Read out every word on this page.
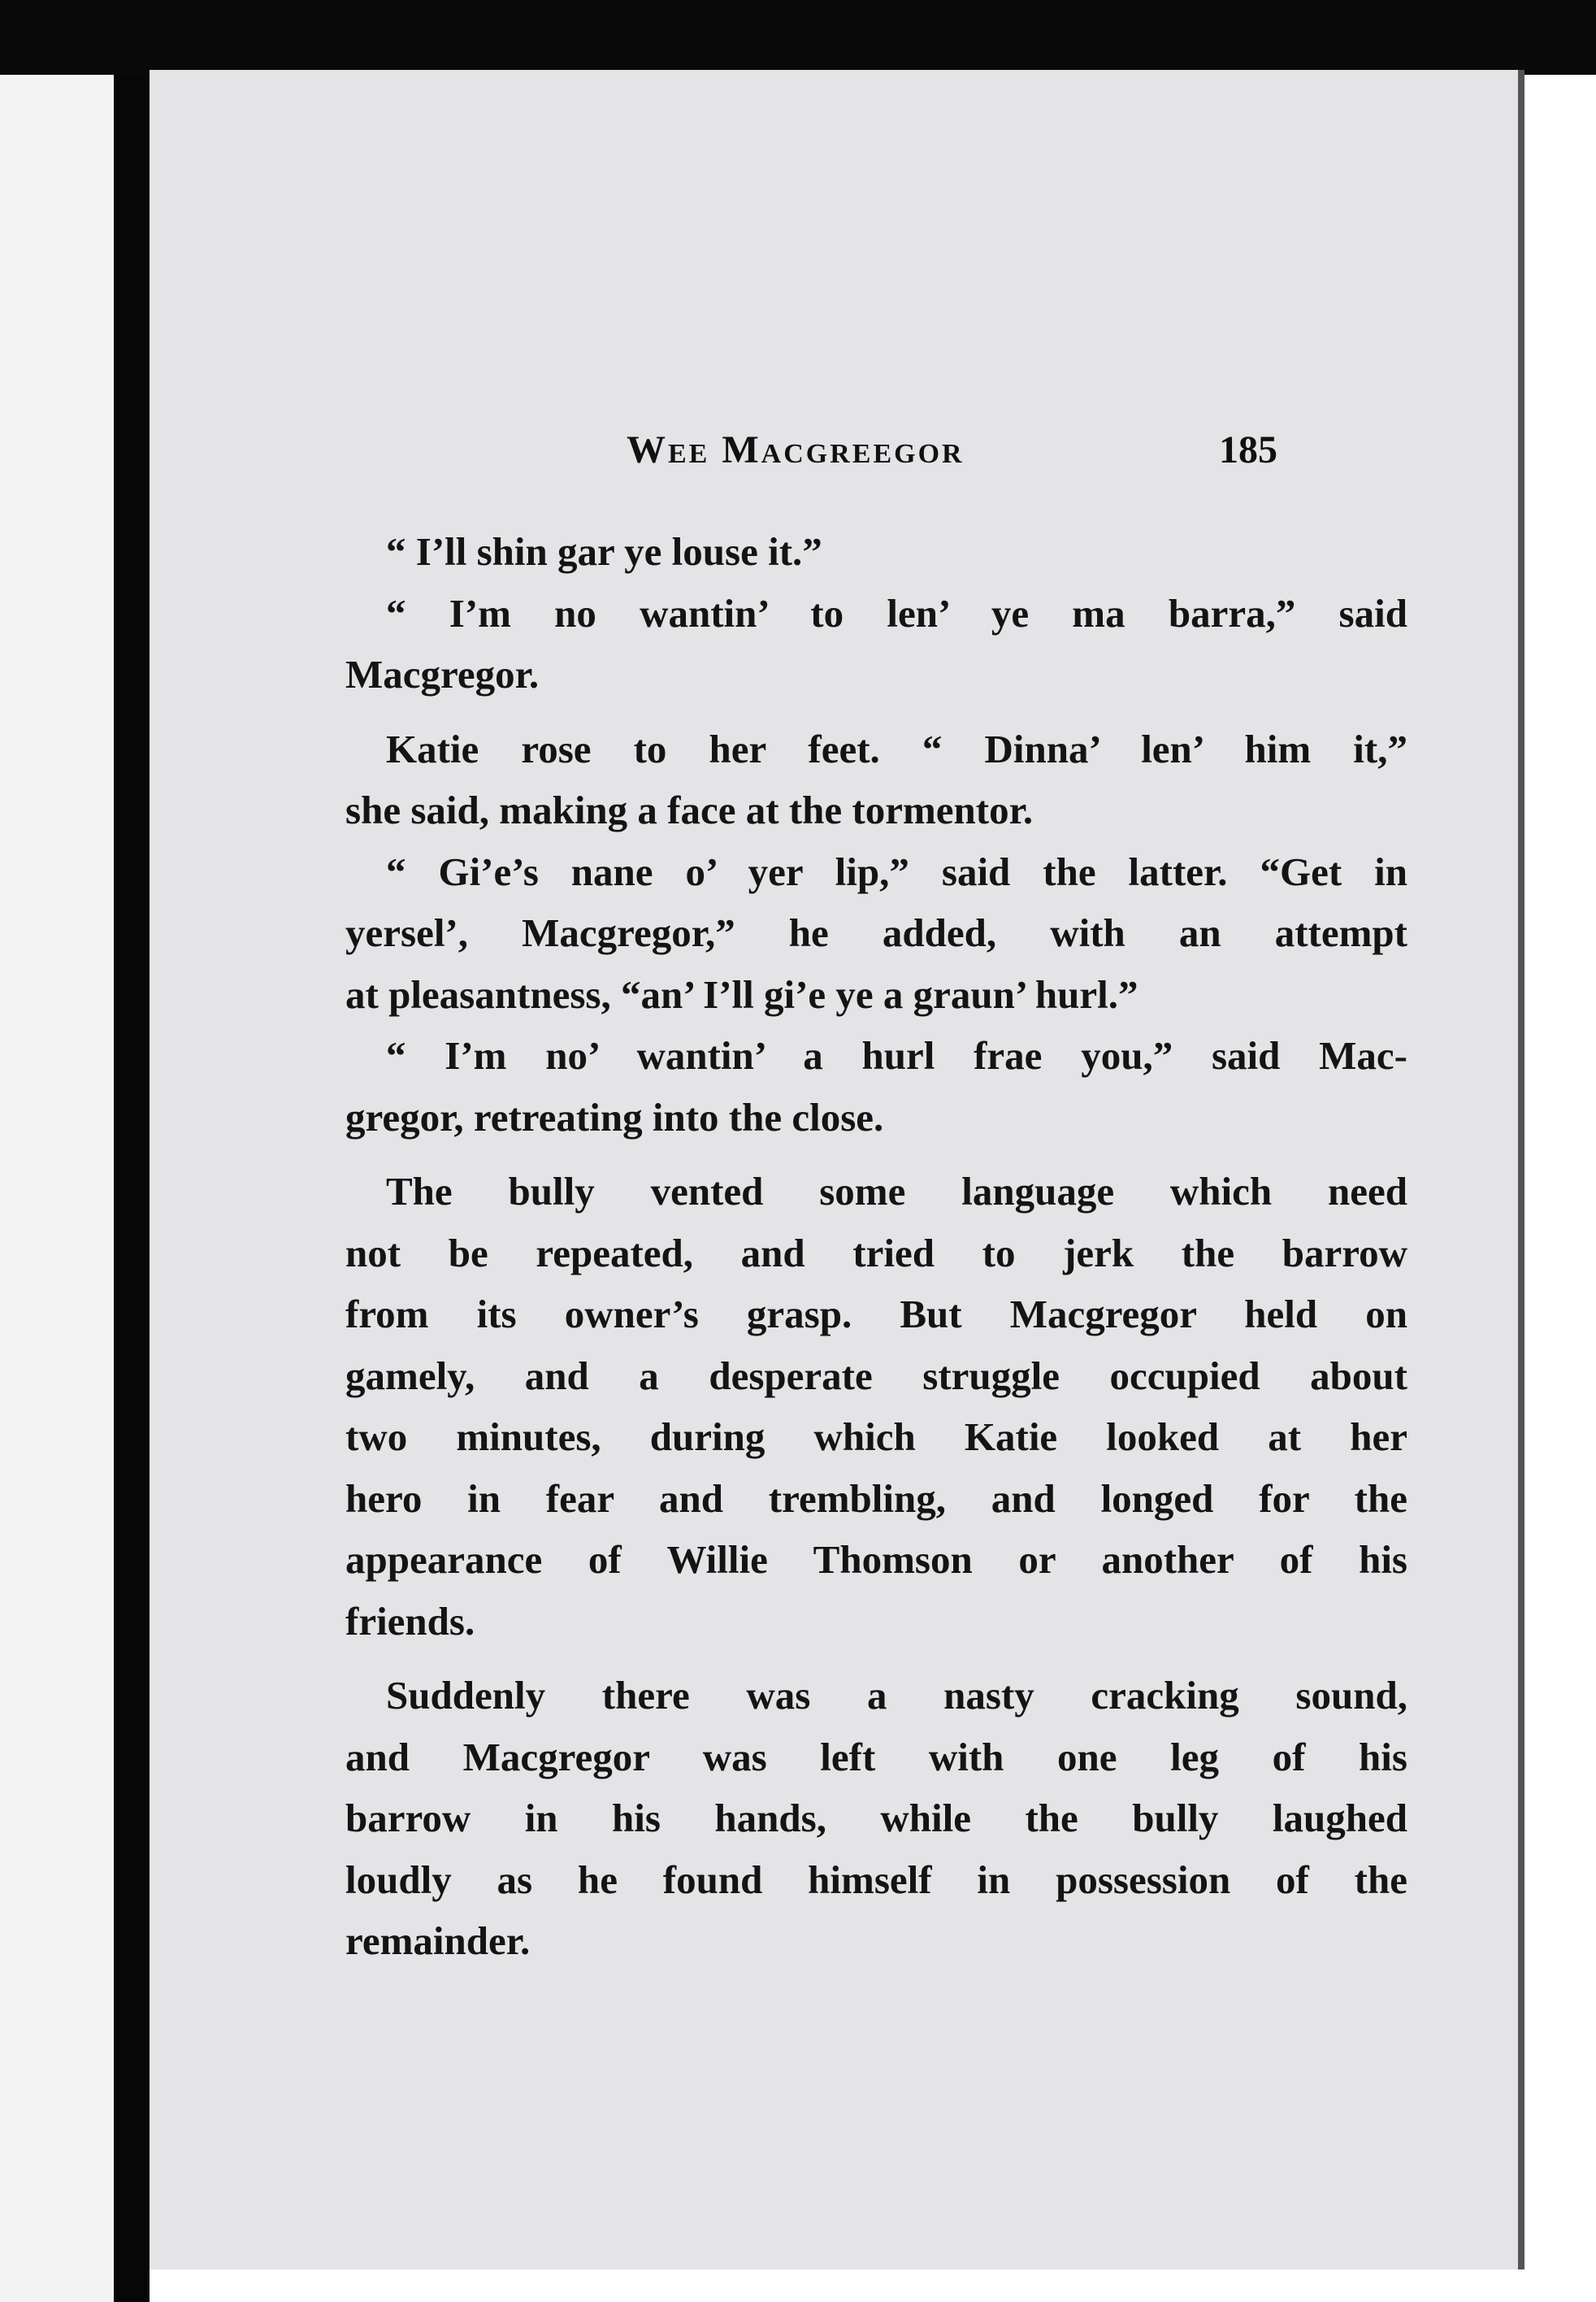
Wee Macgreegor	185
“ I’ll shin gar ye louse it.”
“ I’m no wantin’ to len’ ye ma barra,” said
Macgregor.
Katie rose to her feet. “ Dinna’ len’ him it,”
she said, making a face at the tormentor.
“ Gi’e’s nane o’ yer lip,” said the latter. “Get in
yersel’, Macgregor,” he added, with an attempt
at pleasantness, “an’ I’ll gi’e ye a graun’ hurl.”
“ I’m no’ wantin’ a hurl frae you,” said Mac-
gregor, retreating into the close.
The bully vented some language which need
not be repeated, and tried to jerk the barrow
from its owner’s grasp. But Macgregor held on
gamely, and a desperate struggle occupied about
two minutes, during which Katie looked at her
hero in fear and trembling, and longed for the
appearance of Willie Thomson or another of his
friends.
Suddenly there was a nasty cracking sound,
and Macgregor was left with one leg of his
barrow in his hands, while the bully laughed
loudly as he found himself in possession of the
remainder.
